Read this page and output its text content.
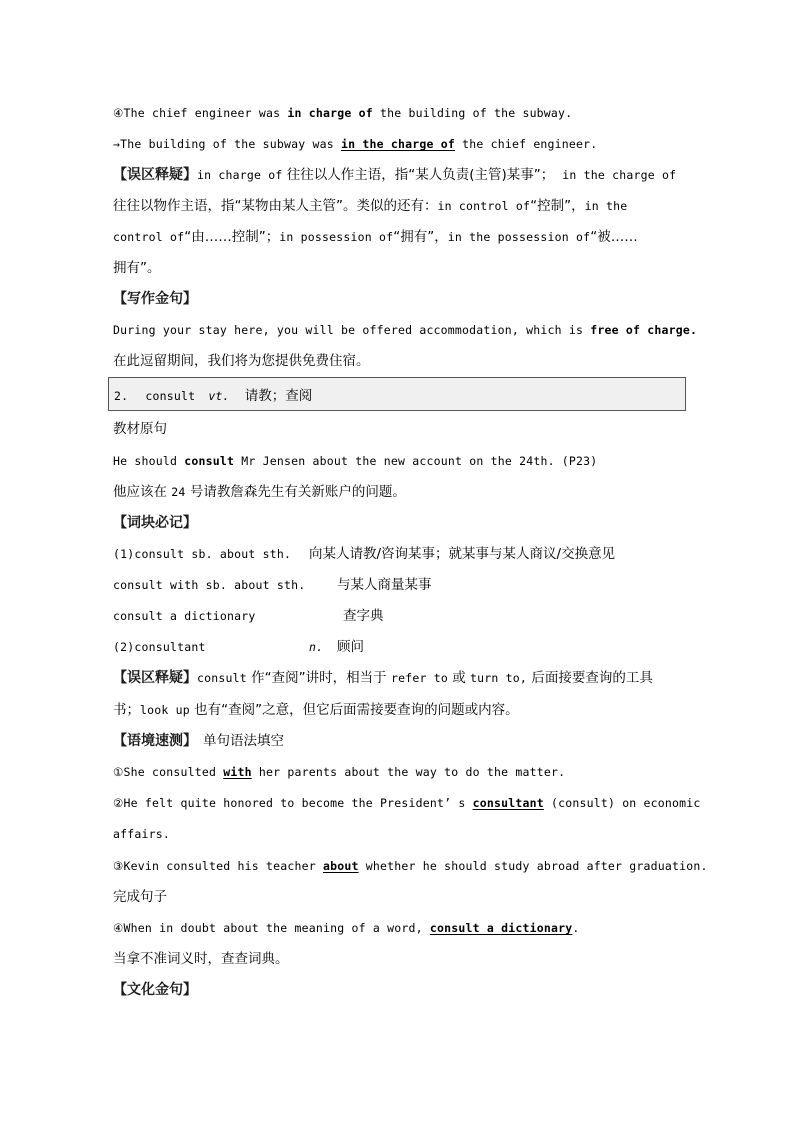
④The chief engineer was in charge of the building of the subway.
→The building of the subway was in the charge of the chief engineer.
【误区释疑】in charge of 往往以人作主语，指“某人负责(主管)某事”； in the charge of
往往以物作主语，指“某物由某人主管”。类似的还有：in control of“控制”，in the
control of“由……控制”；in possession of“拥有”，in the possession of“被……
拥有”。
【写作金句】
During your stay here, you will be offered accommodation, which is free of charge.
在此逗留期间，我们将为您提供免费住宿。
2. consult vt. 请教；查阅
教材原句
He should consult Mr Jensen about the new account on the 24th. (P23)
他应该在 24 号请教詹森先生有关新账户的问题。
【词块必记】
(1)consult sb. about sth. 向某人请教/咨询某事；就某事与某人商议/交换意见
consult with sb. about sth. 与某人商量某事
consult a dictionary	查字典
(2)consultant	n. 顾问
【误区释疑】consult 作“查阅”讲时，相当于 refer to 或 turn to, 后面接要查询的工具
书；look up 也有“查阅”之意，但它后面需接要查询的问题或内容。
【语境速测】 单句语法填空
①She consulted with her parents about the way to do the matter.
②He felt quite honored to become the President’ s consultant (consult) on economic
affairs.
③Kevin consulted his teacher about whether he should study abroad after graduation.
完成句子
④When in doubt about the meaning of a word, consult a dictionary.
当拿不准词义时，查查词典。
【文化金句】
